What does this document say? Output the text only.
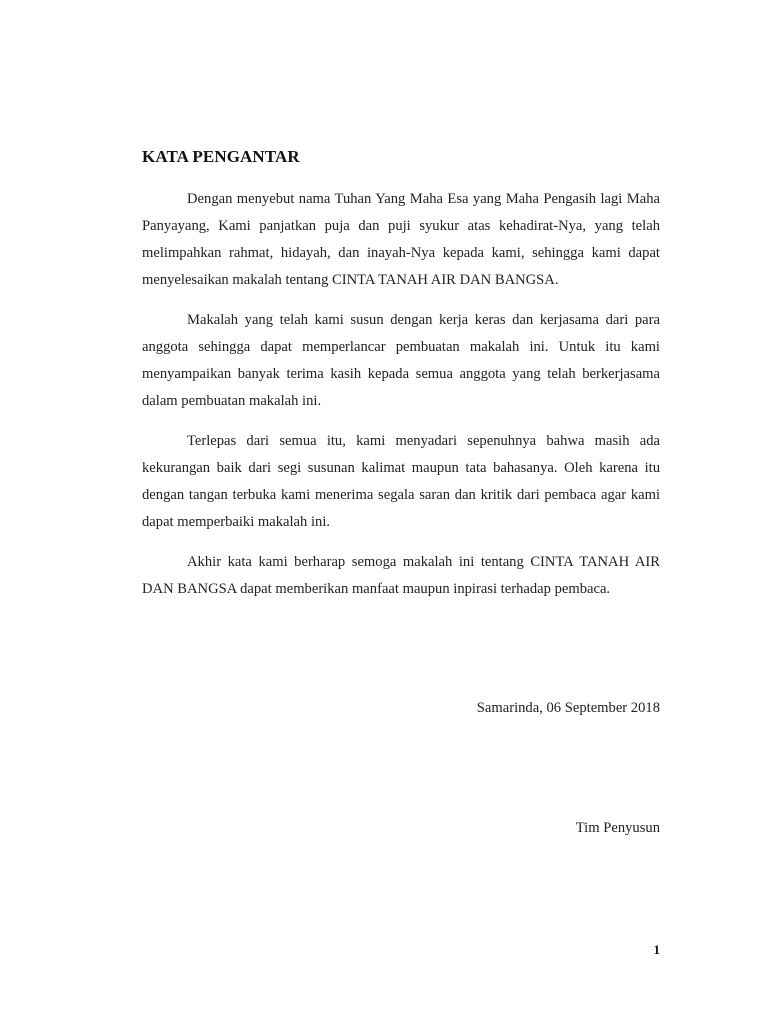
KATA PENGANTAR

Dengan menyebut nama Tuhan Yang Maha Esa yang Maha Pengasih lagi Maha Panyayang, Kami panjatkan puja dan puji syukur atas kehadirat-Nya, yang telah melimpahkan rahmat, hidayah, dan inayah-Nya kepada kami, sehingga kami dapat menyelesaikan makalah tentang CINTA TANAH AIR DAN BANGSA.

Makalah yang telah kami susun dengan kerja keras dan kerjasama dari para anggota sehingga dapat memperlancar pembuatan makalah ini. Untuk itu kami menyampaikan banyak terima kasih kepada semua anggota yang telah berkerjasama dalam pembuatan makalah ini.

Terlepas dari semua itu, kami menyadari sepenuhnya bahwa masih ada kekurangan baik dari segi susunan kalimat maupun tata bahasanya. Oleh karena itu dengan tangan terbuka kami menerima segala saran dan kritik dari pembaca agar kami dapat memperbaiki makalah ini.

Akhir kata kami berharap semoga makalah ini tentang CINTA TANAH AIR DAN BANGSA dapat memberikan manfaat maupun inpirasi terhadap pembaca.

Samarinda, 06 September 2018
Tim Penyusun
1
